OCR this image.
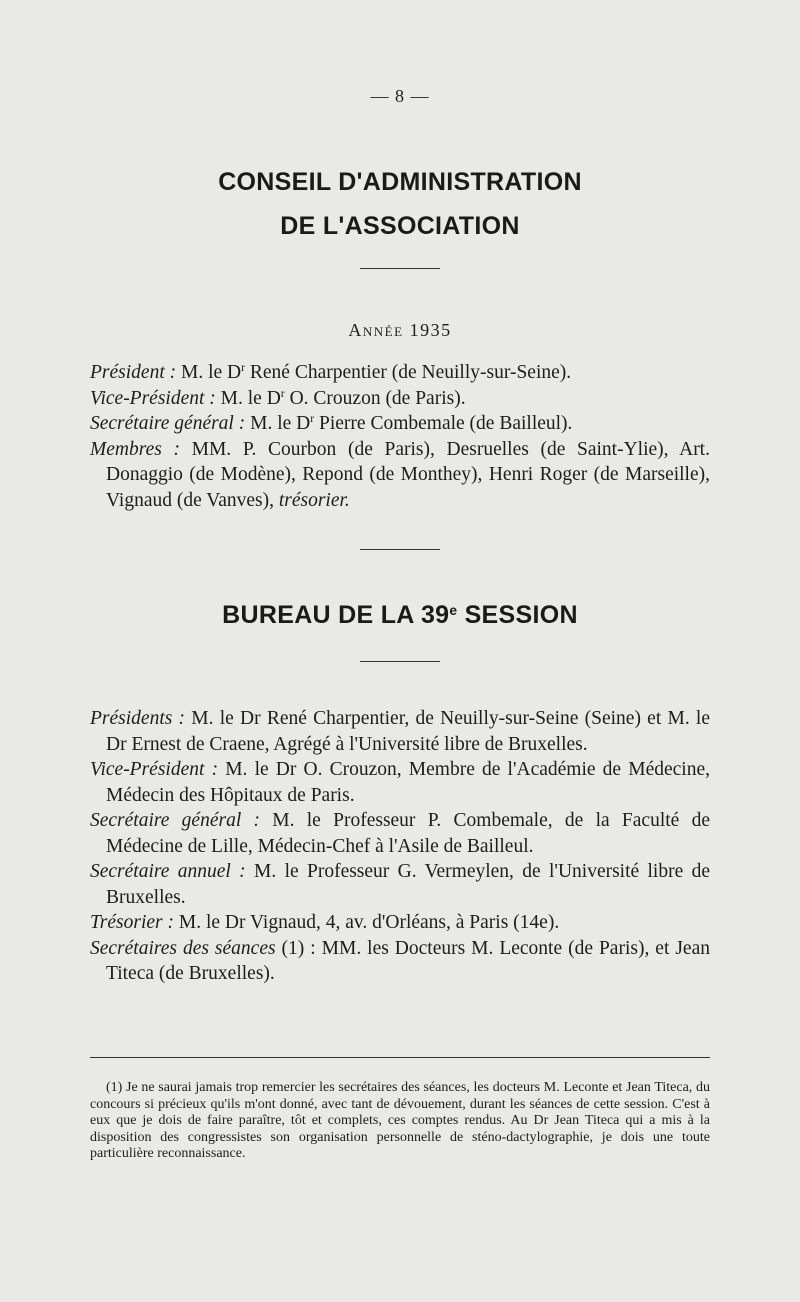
— 8 —
CONSEIL D'ADMINISTRATION
DE L'ASSOCIATION
Année 1935

Président : M. le $D^r$ René Charpentier (de Neuilly-sur-Seine).

Vice-Président : M. le $D^r$ O. Crouzon (de Paris).

Secrétaire général : M. le $D^r$ Pierre Combemale (de Bailleul).

Membres : MM. P. Courbon (de Paris), Desruelles (de Saint-Ylie), Art. Donaggio (de Modène), Repond (de Monthey), Henri Roger (de Marseille), Vignaud (de Vanves), trésorier.

BUREAU DE LA 39e SESSION

Présidents : M. le Dr René Charpentier, de Neuilly-sur-Seine (Seine) et M. le Dr Ernest de Craene, Agrégé à l'Université libre de Bruxelles.

Vice-Président : M. le Dr O. Crouzon, Membre de l'Académie de Médecine, Médecin des Hôpitaux de Paris.

Secrétaire général : M. le Professeur P. Combemale, de la Faculté de Médecine de Lille, Médecin-Chef à l'Asile de Bailleul.

Secrétaire annuel : M. le Professeur G. Vermeylen, de l'Université libre de Bruxelles.

Trésorier : M. le Dr Vignaud, 4, av. d'Orléans, à Paris (14e).

Secrétaires des séances (1) : MM. les Docteurs M. Leconte (de Paris), et Jean Titeca (de Bruxelles).

(1) Je ne saurai jamais trop remercier les secrétaires des séances, les docteurs M. Leconte et Jean Titeca, du concours si précieux qu'ils m'ont donné, avec tant de dévouement, durant les séances de cette session. C'est à eux que je dois de faire paraître, tôt et complets, ces comptes rendus. Au Dr Jean Titeca qui a mis à la disposition des congressistes son organisation personnelle de sténo-dactylographie, je dois une toute particulière reconnaissance.
